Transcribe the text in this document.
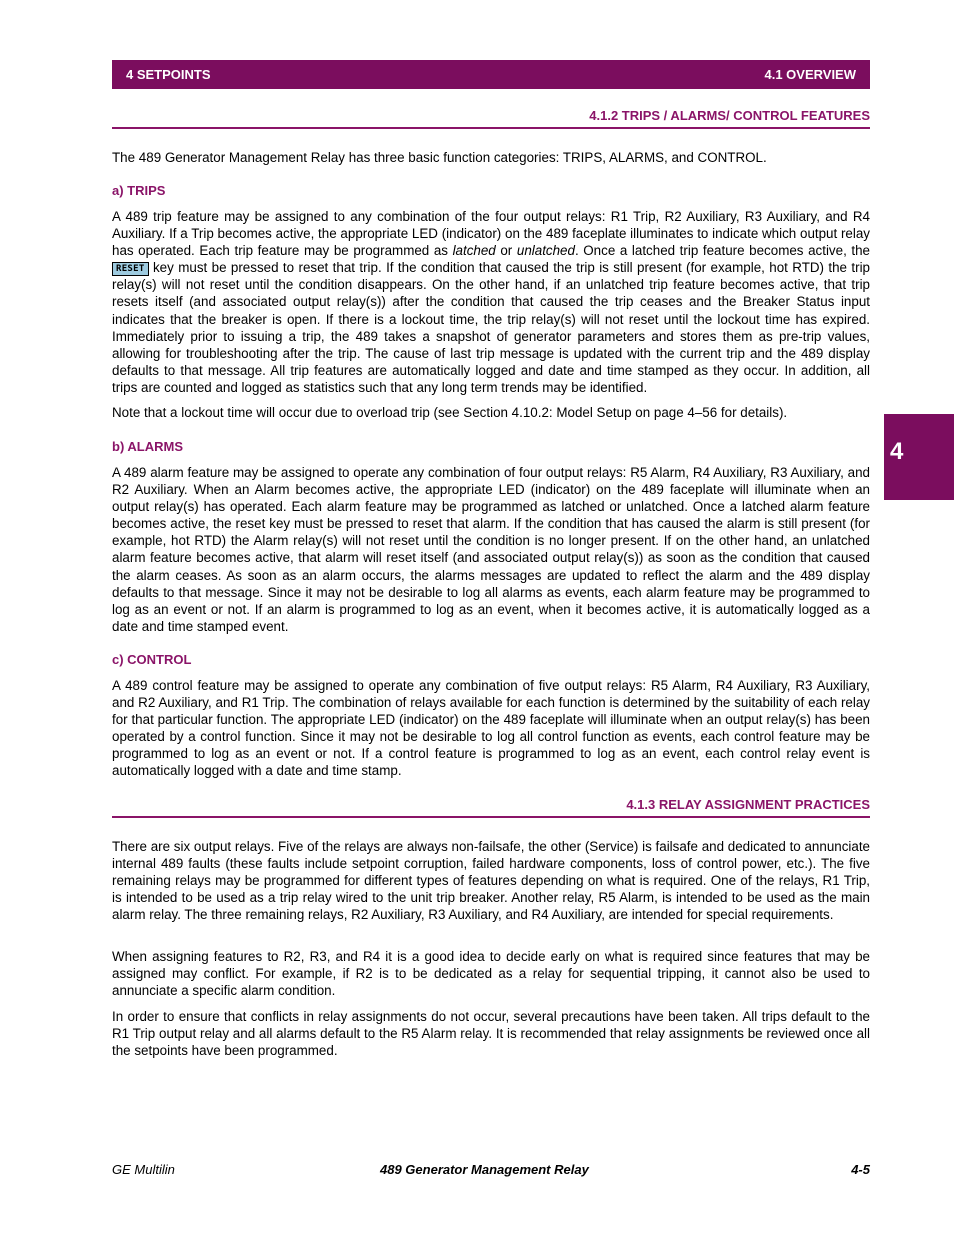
4 SETPOINTS	4.1 OVERVIEW
4.1.2 TRIPS / ALARMS/ CONTROL FEATURES

The 489 Generator Management Relay has three basic function categories: TRIPS, ALARMS, and CONTROL.

a) TRIPS

A 489 trip feature may be assigned to any combination of the four output relays: R1 Trip, R2 Auxiliary, R3 Auxiliary, and R4 Auxiliary. If a Trip becomes active, the appropriate LED (indicator) on the 489 faceplate illuminates to indicate which output relay has operated. Each trip feature may be programmed as latched or unlatched. Once a latched trip feature becomes active, the RESET key must be pressed to reset that trip. If the condition that caused the trip is still present (for example, hot RTD) the trip relay(s) will not reset until the condition disappears. On the other hand, if an unlatched trip feature becomes active, that trip resets itself (and associated output relay(s)) after the condition that caused the trip ceases and the Breaker Status input indicates that the breaker is open. If there is a lockout time, the trip relay(s) will not reset until the lockout time has expired. Immediately prior to issuing a trip, the 489 takes a snapshot of generator parameters and stores them as pre-trip values, allowing for troubleshooting after the trip. The cause of last trip message is updated with the current trip and the 489 display defaults to that message. All trip features are automatically logged and date and time stamped as they occur. In addition, all trips are counted and logged as statistics such that any long term trends may be identified.

Note that a lockout time will occur due to overload trip (see Section 4.10.2: Model Setup on page 4–56 for details).

b) ALARMS

A 489 alarm feature may be assigned to operate any combination of four output relays: R5 Alarm, R4 Auxiliary, R3 Auxiliary, and R2 Auxiliary. When an Alarm becomes active, the appropriate LED (indicator) on the 489 faceplate will illuminate when an output relay(s) has operated. Each alarm feature may be programmed as latched or unlatched. Once a latched alarm feature becomes active, the reset key must be pressed to reset that alarm. If the condition that has caused the alarm is still present (for example, hot RTD) the Alarm relay(s) will not reset until the condition is no longer present. If on the other hand, an unlatched alarm feature becomes active, that alarm will reset itself (and associated output relay(s)) as soon as the condition that caused the alarm ceases. As soon as an alarm occurs, the alarms messages are updated to reflect the alarm and the 489 display defaults to that message. Since it may not be desirable to log all alarms as events, each alarm feature may be programmed to log as an event or not. If an alarm is programmed to log as an event, when it becomes active, it is automatically logged as a date and time stamped event.

c) CONTROL

A 489 control feature may be assigned to operate any combination of five output relays: R5 Alarm, R4 Auxiliary, R3 Auxiliary, and R2 Auxiliary, and R1 Trip. The combination of relays available for each function is determined by the suitability of each relay for that particular function. The appropriate LED (indicator) on the 489 faceplate will illuminate when an output relay(s) has been operated by a control function. Since it may not be desirable to log all control function as events, each control feature may be programmed to log as an event or not. If a control feature is programmed to log as an event, each control relay event is automatically logged with a date and time stamp.

4.1.3 RELAY ASSIGNMENT PRACTICES

There are six output relays. Five of the relays are always non-failsafe, the other (Service) is failsafe and dedicated to annunciate internal 489 faults (these faults include setpoint corruption, failed hardware components, loss of control power, etc.). The five remaining relays may be programmed for different types of features depending on what is required. One of the relays, R1 Trip, is intended to be used as a trip relay wired to the unit trip breaker. Another relay, R5 Alarm, is intended to be used as the main alarm relay. The three remaining relays, R2 Auxiliary, R3 Auxiliary, and R4 Auxiliary, are intended for special requirements.

When assigning features to R2, R3, and R4 it is a good idea to decide early on what is required since features that may be assigned may conflict. For example, if R2 is to be dedicated as a relay for sequential tripping, it cannot also be used to annunciate a specific alarm condition.

In order to ensure that conflicts in relay assignments do not occur, several precautions have been taken. All trips default to the R1 Trip output relay and all alarms default to the R5 Alarm relay. It is recommended that relay assignments be reviewed once all the setpoints have been programmed.

4
GE Multilin	489 Generator Management Relay	4-5
